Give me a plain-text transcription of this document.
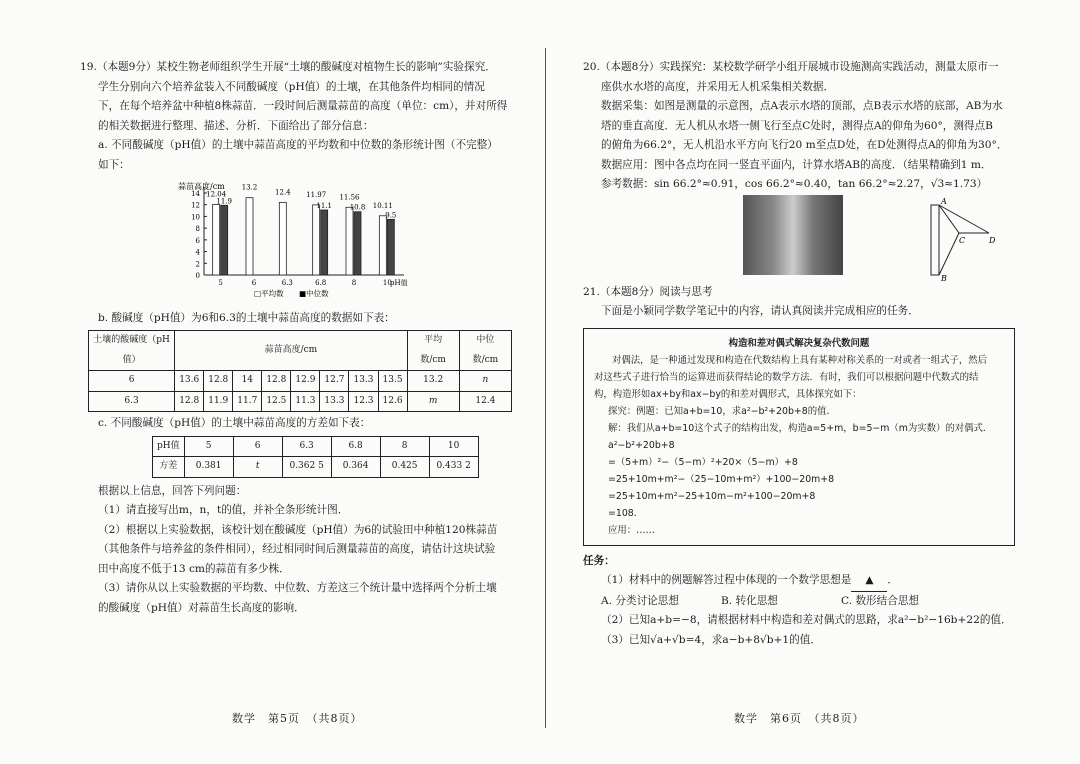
19.（本题9分）某校生物老师组织学生开展“土壤的酸碱度对植物生长的影响”实验探究．

学生分别向六个培养盆装入不同酸碱度（pH值）的土壤，在其他条件均相同的情况

下，在每个培养盆中种植8株蒜苗．一段时间后测量蒜苗的高度（单位：cm），并对所得

的相关数据进行整理、描述、分析．下面给出了部分信息：

a. 不同酸碱度（pH值）的土壤中蒜苗高度的平均数和中位数的条形统计图（不完整）

如下：

蒜苗高度/cm
0
2
4
6
8
10
12
14
5
12.04
11.9
6
13.2
6.3
12.4
6.8
11.97
11.1
8
11.56
10.8
10
10.11
9.5
pH值
□平均数 ■中位数

b. 酸碱度（pH值）为6和6.3的土壤中蒜苗高度的数据如下表：

土壤的酸碱度（pH值）	蒜苗高度/cm								平均数/cm	中位数/cm
6	13.6	12.8	14	12.8	12.9	12.7	13.3	13.5	13.2	n
6.3	12.8	11.9	11.7	12.5	11.3	13.3	12.3	12.6	m	12.4

c. 不同酸碱度（pH值）的土壤中蒜苗高度的方差如下表：

pH值	5	6	6.3	6.8	8	10
方差	0.381	t	0.362 5	0.364	0.425	0.433 2

根据以上信息，回答下列问题：

（1）请直接写出m，n，t的值，并补全条形统计图．

（2）根据以上实验数据，该校计划在酸碱度（pH值）为6的试验田中种植120株蒜苗

（其他条件与培养盆的条件相同），经过相同时间后测量蒜苗的高度，请估计这块试验

田中高度不低于13 cm的蒜苗有多少株．

（3）请你从以上实验数据的平均数、中位数、方差这三个统计量中选择两个分析土壤

的酸碱度（pH值）对蒜苗生长高度的影响．

20.（本题8分）实践探究：某校数学研学小组开展城市设施测高实践活动，测量太原市一

座供水水塔的高度，并采用无人机采集相关数据．

数据采集：如图是测量的示意图，点A表示水塔的顶部，点B表示水塔的底部，AB为水

塔的垂直高度．无人机从水塔一侧飞行至点C处时，测得点A的仰角为60°，测得点B

的俯角为66.2°，无人机沿水平方向飞行20 m至点D处，在D处测得点A的仰角为30°．

数据应用：图中各点均在同一竖直平面内，计算水塔AB的高度．（结果精确到1 m．

参考数据：sin 66.2°≈0.91，cos 66.2°≈0.40，tan 66.2°≈2.27，√3≈1.73）

A
B
C	D

21.（本题8分）阅读与思考

下面是小颖同学数学笔记中的内容，请认真阅读并完成相应的任务．

构造和差对偶式解决复杂代数问题
对偶法，是一种通过发现和构造在代数结构上具有某种对称关系的一对或者一组式子，然后
对这些式子进行恰当的运算进而获得结论的数学方法．有时，我们可以根据问题中代数式的结
构，构造形如ax+by和ax−by的和差对偶形式，具体探究如下：
探究：例题：已知a+b=10，求a²−b²+20b+8的值．
解：我们从a+b=10这个式子的结构出发，构造a=5+m，b=5−m（m为实数）的对偶式．
a²−b²+20b+8
=（5+m）²−（5−m）²+20×（5−m）+8
=25+10m+m²−（25−10m+m²）+100−20m+8
=25+10m+m²−25+10m−m²+100−20m+8
=108．
应用：……

任务：

（1）材料中的例题解答过程中体现的一个数学思想是 ▲ ．

A. 分类讨论思想	B. 转化思想	C. 数形结合思想

（2）已知a+b=−8，请根据材料中构造和差对偶式的思路，求a²−b²−16b+22的值．

（3）已知√a+√b=4，求a−b+8√b+1的值．

数学　第5页　（共8页）	数学　第6页　（共8页）
